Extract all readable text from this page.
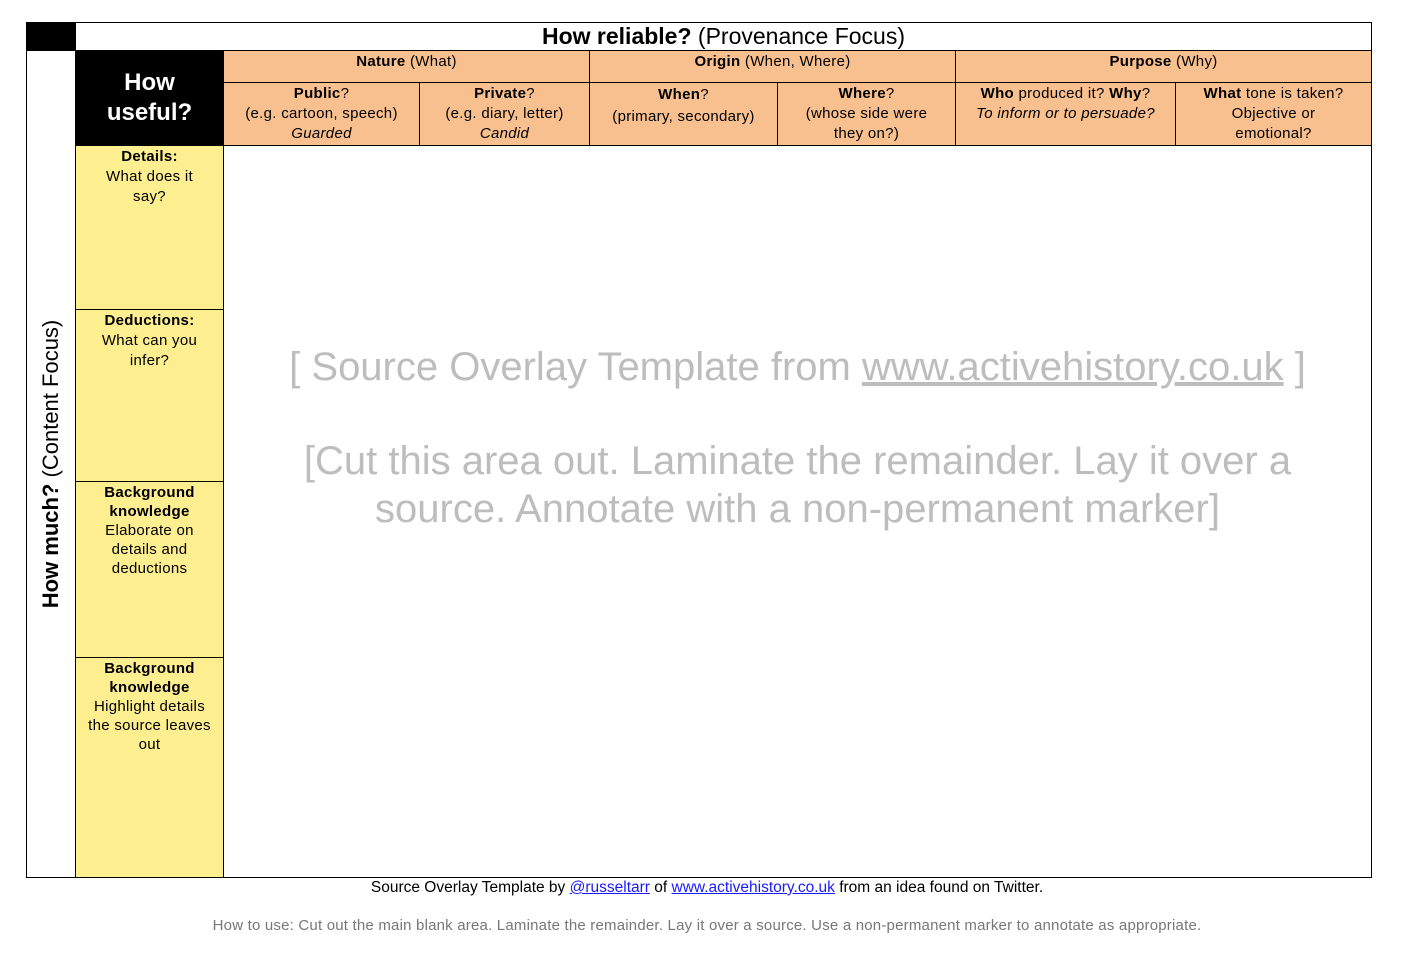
How reliable? (Provenance Focus)
How much? (Content Focus)
How useful?
Nature (What)	Origin (When, Where)	Purpose (Why)
Public?
(e.g. cartoon, speech)
Guarded
Private?
(e.g. diary, letter)
Candid
When?
(primary, secondary)
Where?
(whose side were they on?)
Who produced it? Why?
To inform or to persuade?
What tone is taken?
Objective or emotional?
Details:
What does it say?
Deductions:
What can you infer?
Background knowledge
Elaborate on details and deductions
Background knowledge
Highlight details the source leaves out
[ Source Overlay Template from www.activehistory.co.uk ]
[Cut this area out. Laminate the remainder. Lay it over a
source. Annotate with a non-permanent marker]
Source Overlay Template by @russeltarr of www.activehistory.co.uk from an idea found on Twitter.
How to use: Cut out the main blank area. Laminate the remainder. Lay it over a source. Use a non-permanent marker to annotate as appropriate.
